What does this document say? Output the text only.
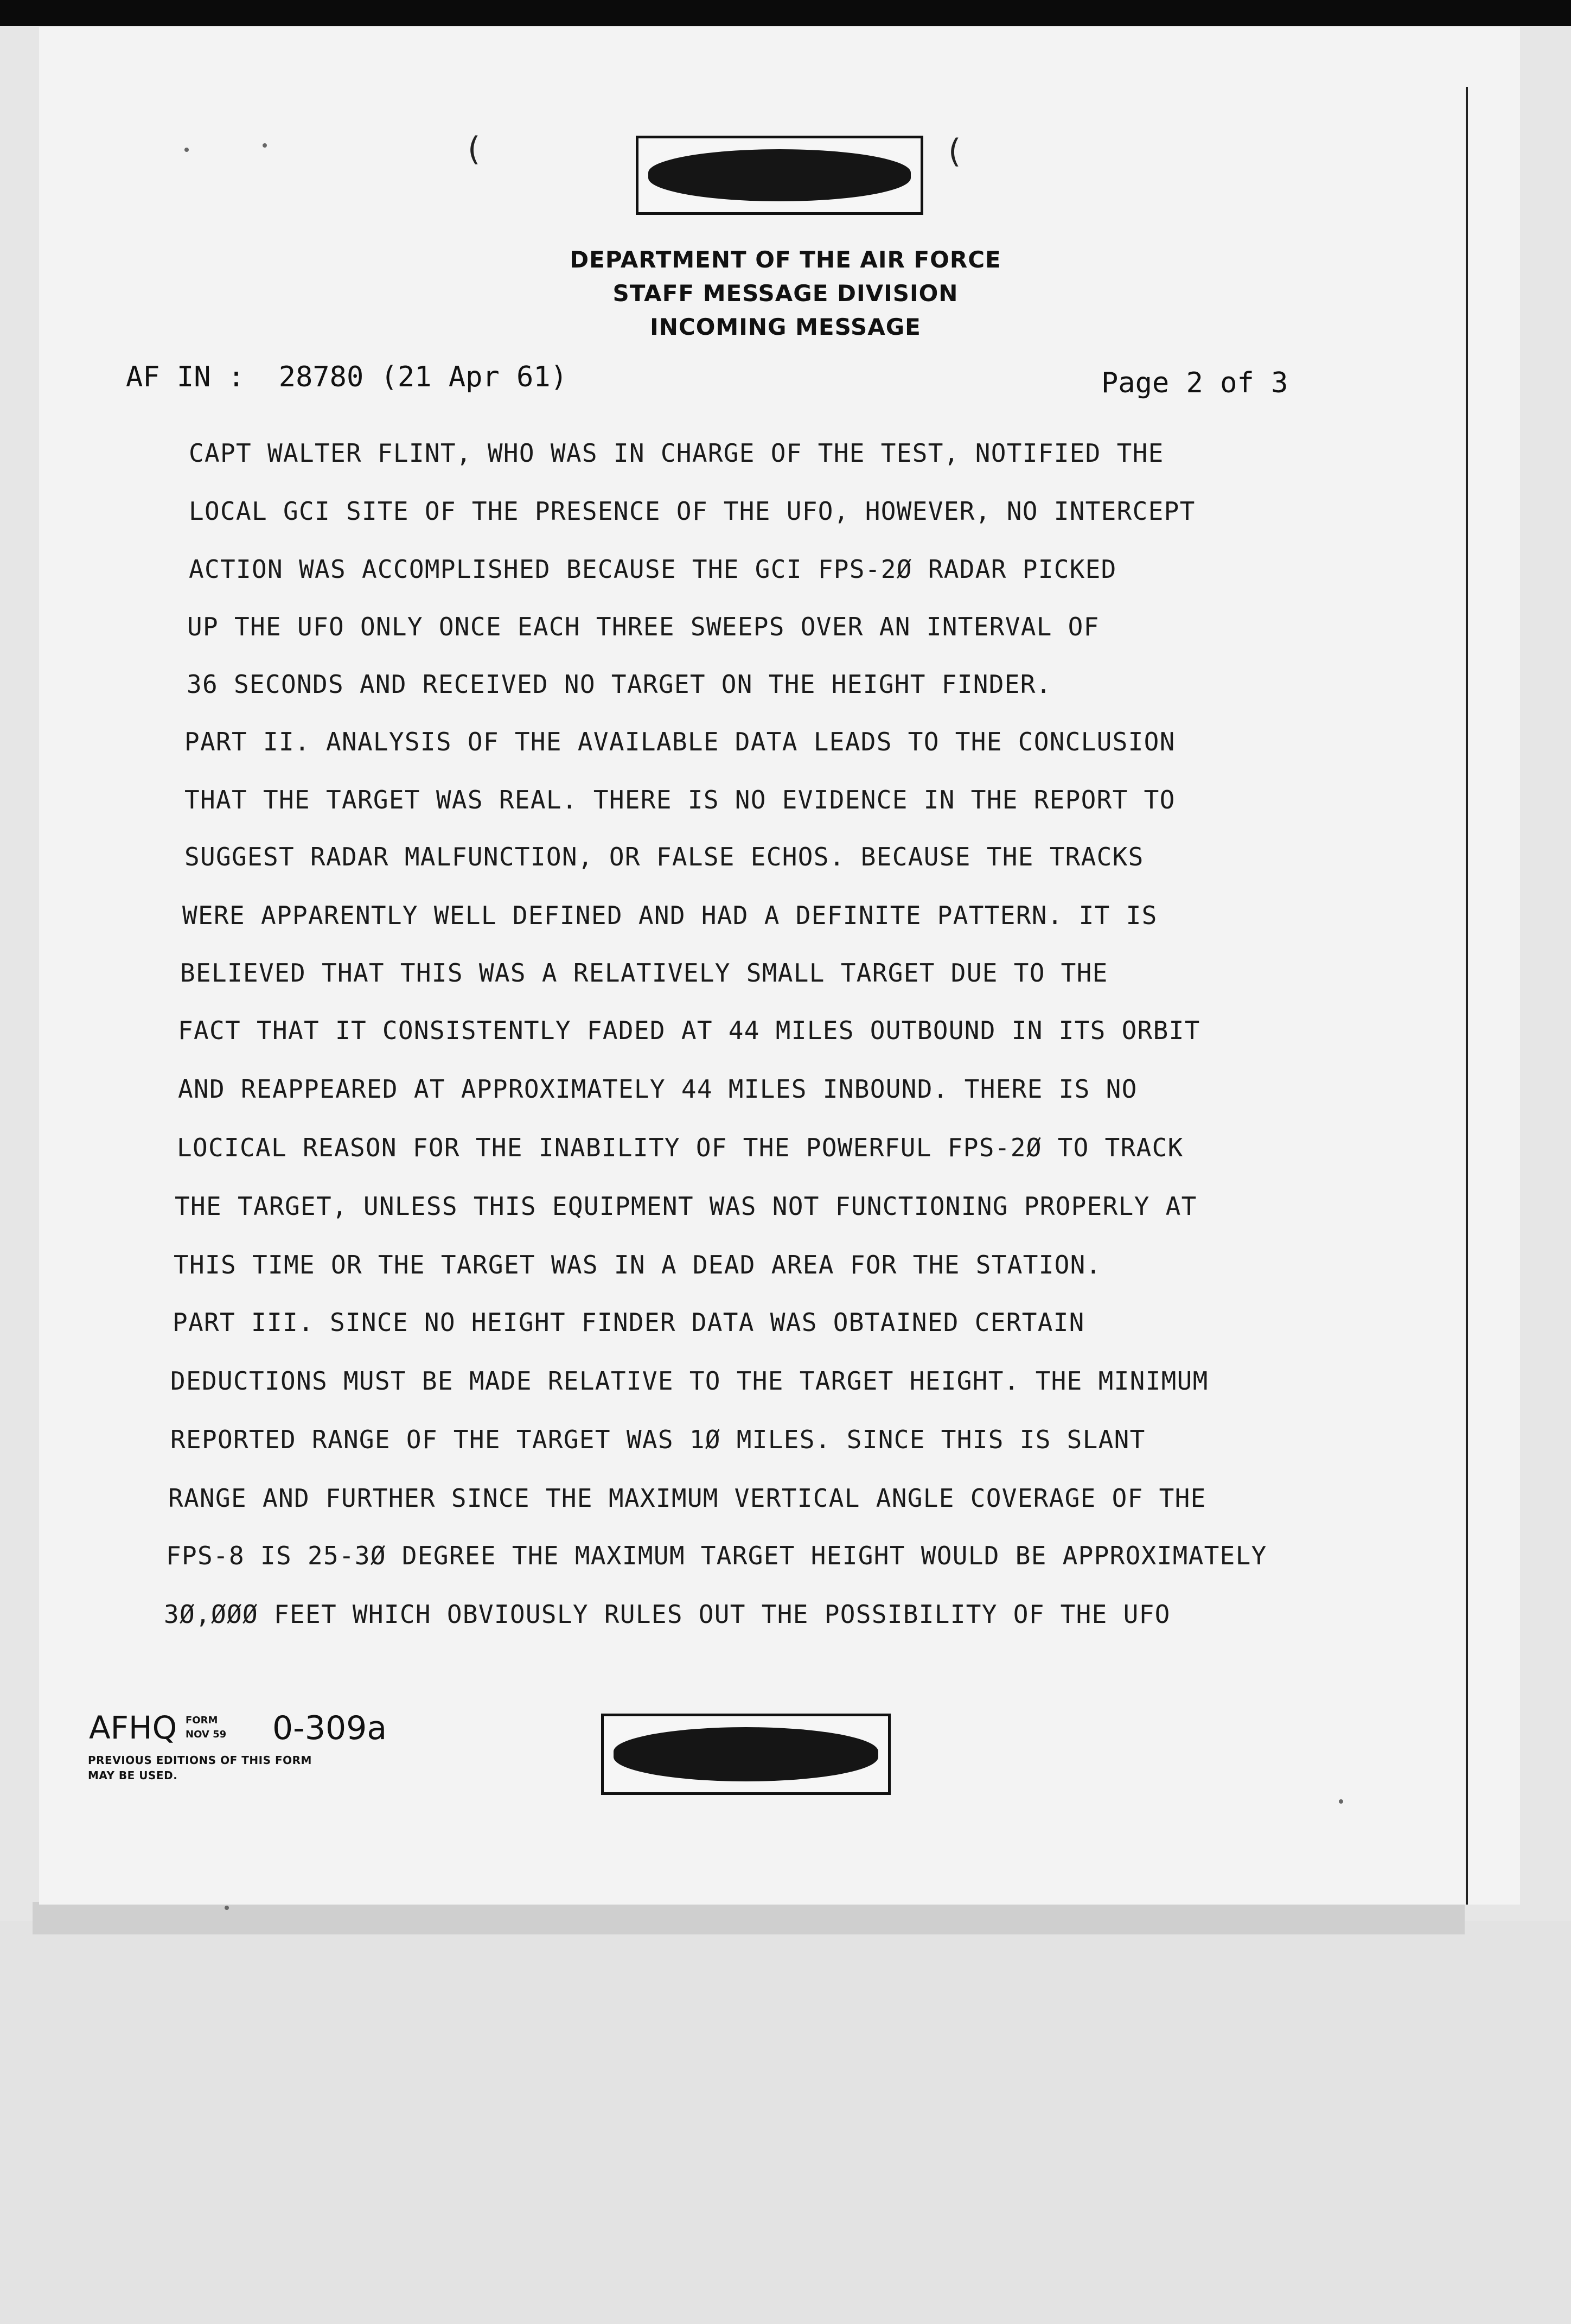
DEPARTMENT OF THE AIR FORCE
STAFF MESSAGE DIVISION
INCOMING MESSAGE
AF IN :  28780 (21 Apr 61)	Page 2 of 3
CAPT WALTER FLINT, WHO WAS IN CHARGE OF THE TEST, NOTIFIED THE
LOCAL GCI SITE OF THE PRESENCE OF THE UFO, HOWEVER, NO INTERCEPT
ACTION WAS ACCOMPLISHED BECAUSE THE GCI FPS-2Ø RADAR PICKED
UP THE UFO ONLY ONCE EACH THREE SWEEPS OVER AN INTERVAL OF
36 SECONDS AND RECEIVED NO TARGET ON THE HEIGHT FINDER.
PART II. ANALYSIS OF THE AVAILABLE DATA LEADS TO THE CONCLUSION
THAT THE TARGET WAS REAL. THERE IS NO EVIDENCE IN THE REPORT TO
SUGGEST RADAR MALFUNCTION, OR FALSE ECHOS. BECAUSE THE TRACKS
WERE APPARENTLY WELL DEFINED AND HAD A DEFINITE PATTERN. IT IS
BELIEVED THAT THIS WAS A RELATIVELY SMALL TARGET DUE TO THE
FACT THAT IT CONSISTENTLY FADED AT 44 MILES OUTBOUND IN ITS ORBIT
AND REAPPEARED AT APPROXIMATELY 44 MILES INBOUND. THERE IS NO
LOCICAL REASON FOR THE INABILITY OF THE POWERFUL FPS-2Ø TO TRACK
THE TARGET, UNLESS THIS EQUIPMENT WAS NOT FUNCTIONING PROPERLY AT
THIS TIME OR THE TARGET WAS IN A DEAD AREA FOR THE STATION.
PART III. SINCE NO HEIGHT FINDER DATA WAS OBTAINED CERTAIN
DEDUCTIONS MUST BE MADE RELATIVE TO THE TARGET HEIGHT. THE MINIMUM
REPORTED RANGE OF THE TARGET WAS 1Ø MILES. SINCE THIS IS SLANT
RANGE AND FURTHER SINCE THE MAXIMUM VERTICAL ANGLE COVERAGE OF THE
FPS-8 IS 25-3Ø DEGREE THE MAXIMUM TARGET HEIGHT WOULD BE APPROXIMATELY
3Ø,ØØØ FEET WHICH OBVIOUSLY RULES OUT THE POSSIBILITY OF THE UFO
AFHQ FORM
NOV 59 0-309a
PREVIOUS EDITIONS OF THIS FORM
MAY BE USED.
(	(
